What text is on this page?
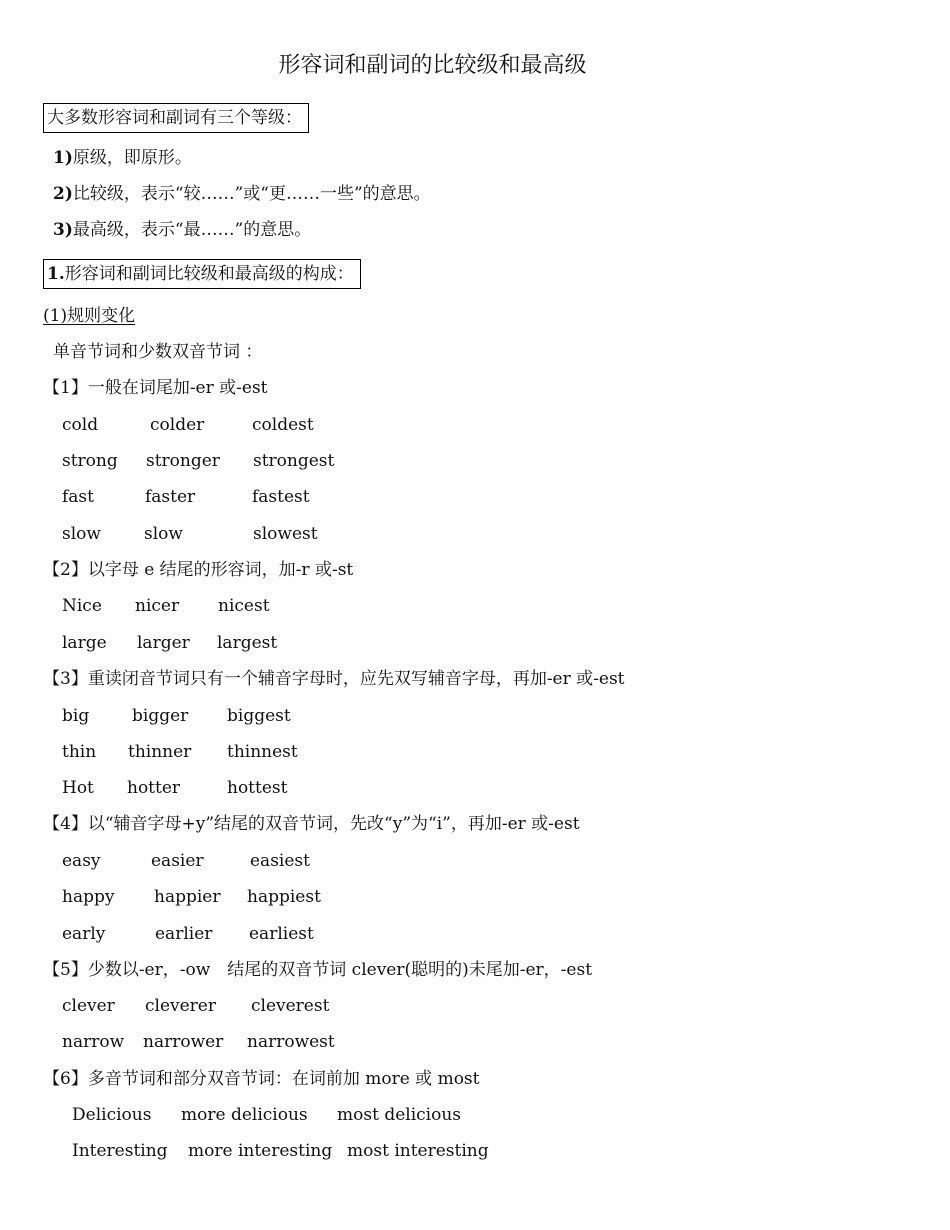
形容词和副词的比较级和最高级
大多数形容词和副词有三个等级：
1)原级，即原形。
2)比较级，表示“较……”或“更……一些”的意思。
3)最高级，表示“最……”的意思。
1.形容词和副词比较级和最高级的构成：
(1)规则变化
单音节词和少数双音节词 ：
【1】一般在词尾加-er 或-est
cold	colder	coldest
strong stronger strongest
fast	faster	fastest
slow	slow	slowest
【2】以字母 e 结尾的形容词，加-r 或-st
Nice nicer nicest
large larger largest
【3】重读闭音节词只有一个辅音字母时，应先双写辅音字母，再加-er 或-est
big	bigger biggest
thin thinner thinnest
Hot hotter	hottest
【4】以“辅音字母+y”结尾的双音节词，先改“y”为“i”，再加-er 或-est
easy	easier	easiest
happy happier happiest
early	earlier earliest
【5】少数以-er，-ow　结尾的双音节词 clever(聪明的)未尾加-er，-est
clever cleverer cleverest
narrow narrower narrowest
【6】多音节词和部分双音节词：在词前加 more 或 most
Delicious more delicious most delicious
Interesting more interesting most interesting
